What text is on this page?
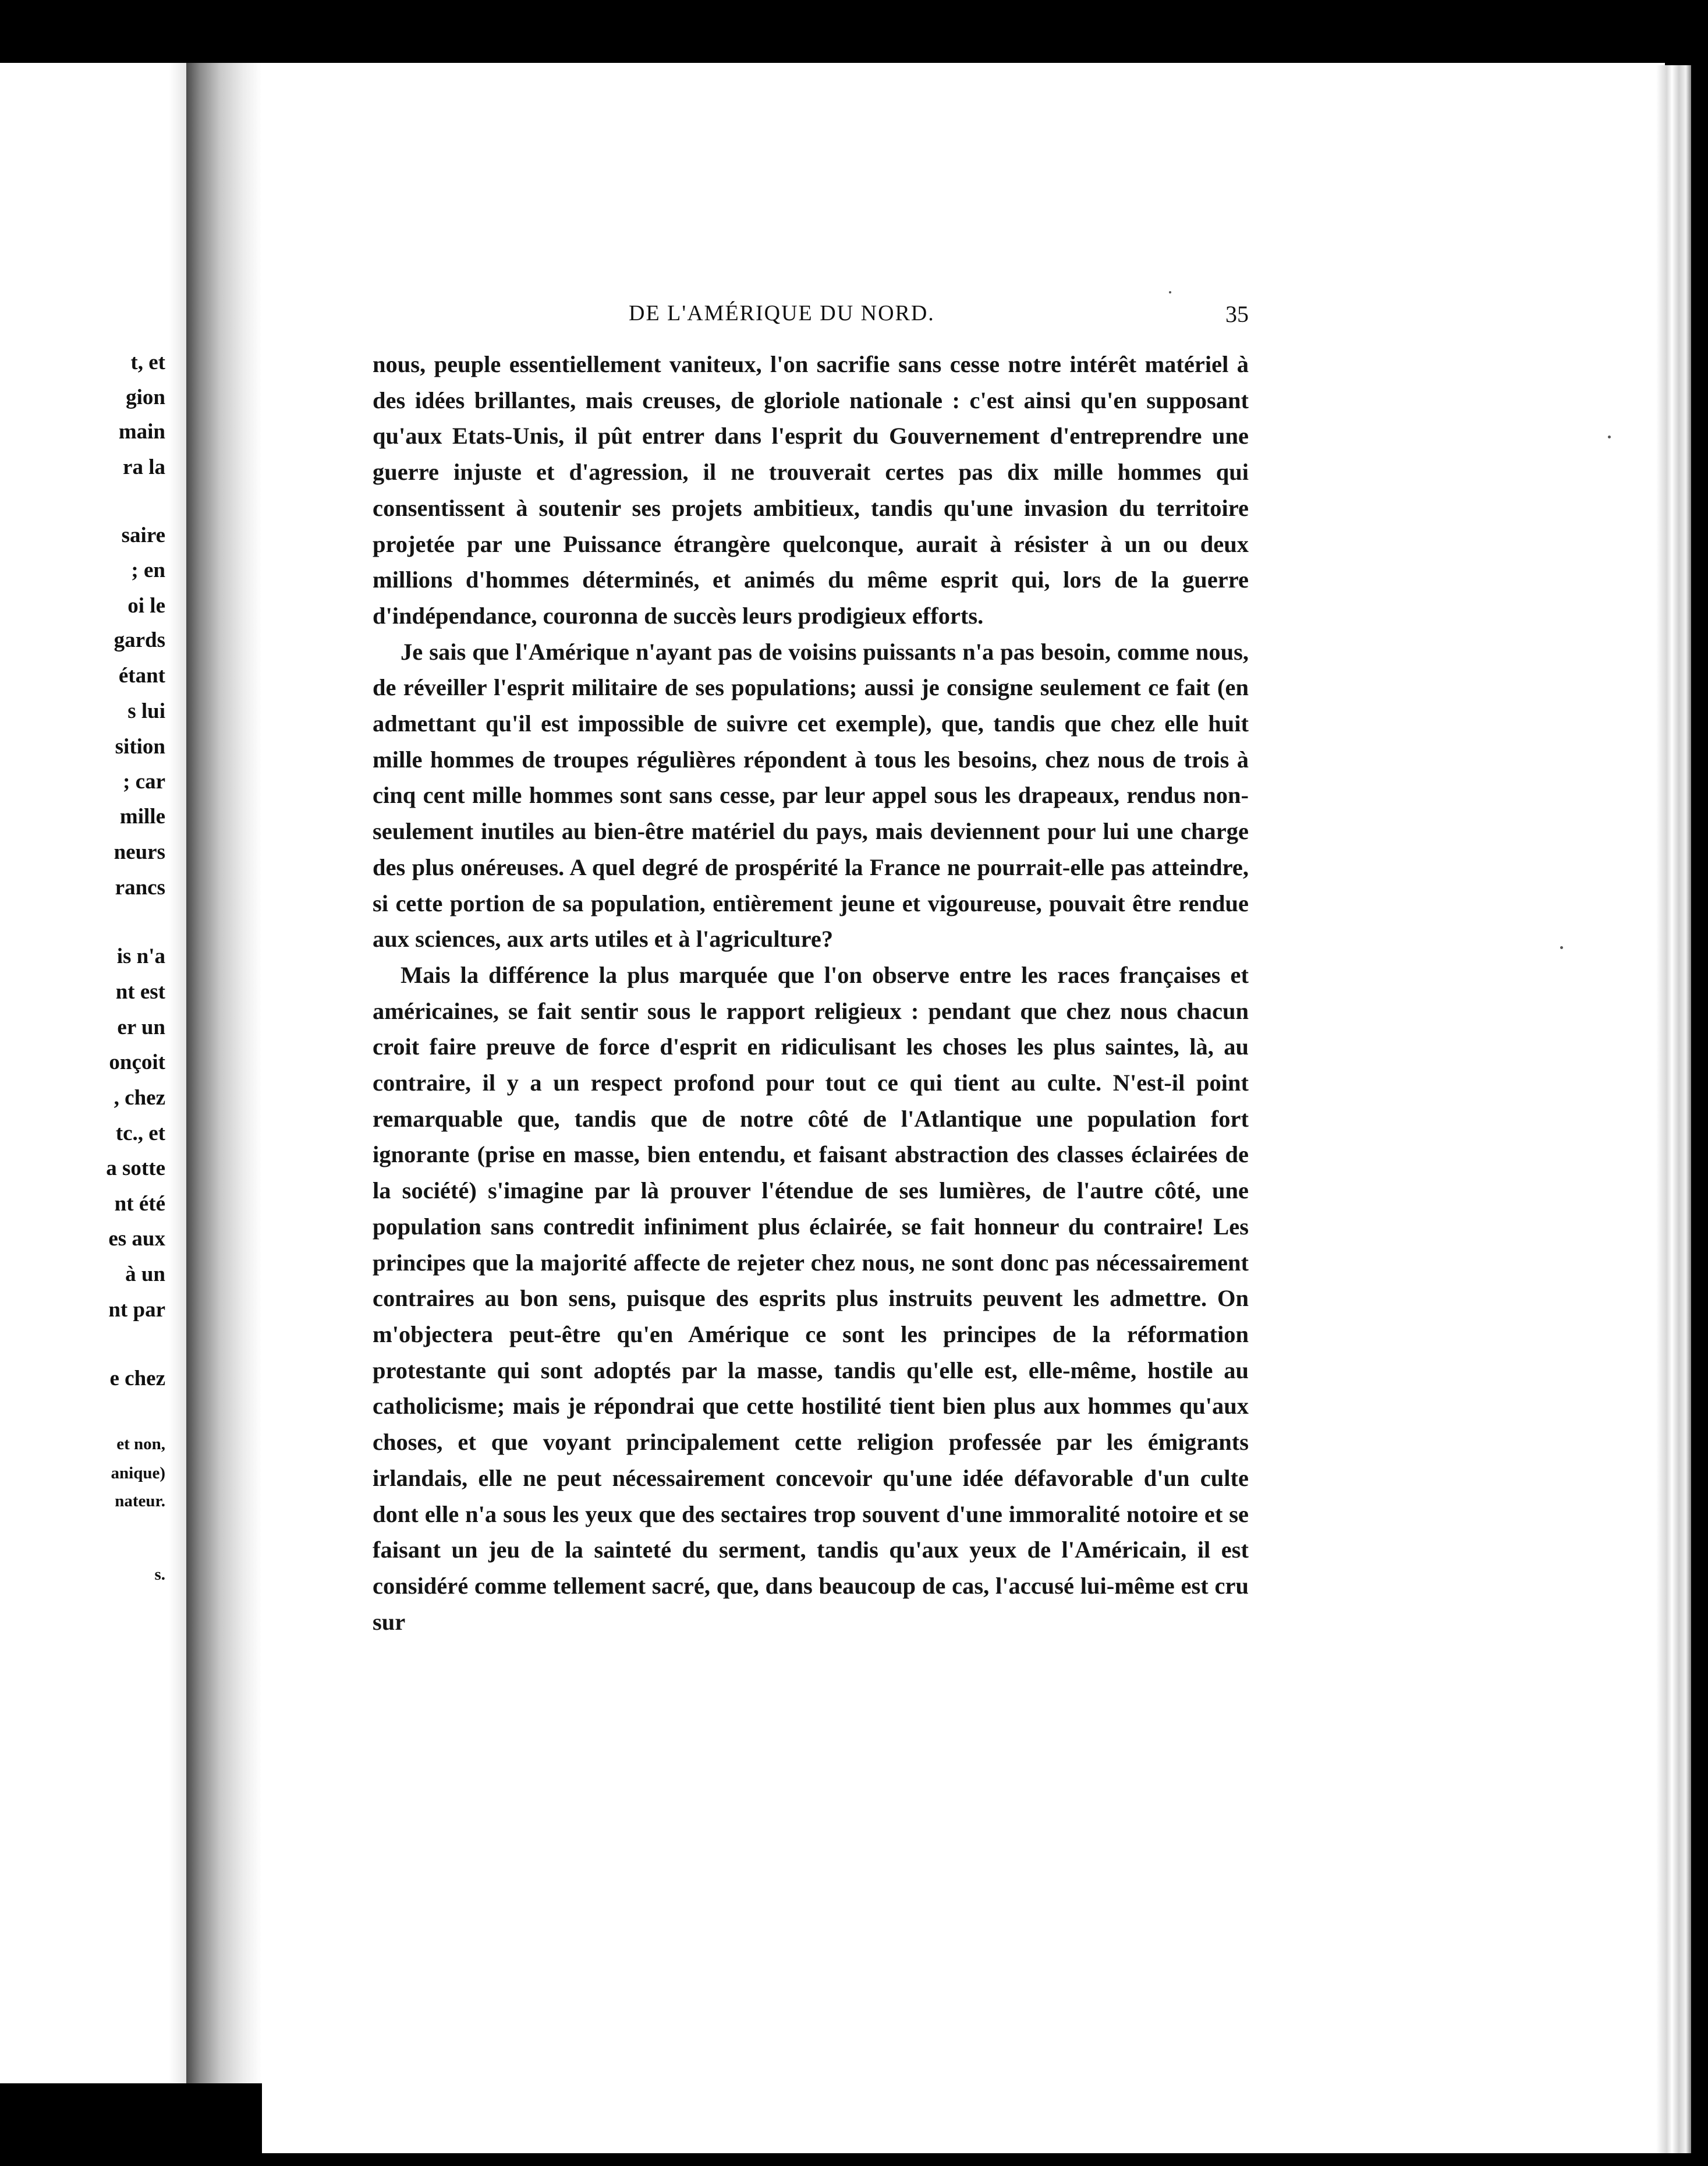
t, et
gion
main
ra la
saire
; en
oi le
gards
étant
s lui
sition
; car
mille
neurs
rancs
is n'a
nt est
er un
onçoit
, chez
tc., et
a sotte
nt été
es aux
à un
nt par
e chez
et non,
anique)
nateur.
s.
DE L'AMÉRIQUE DU NORD.	35

nous, peuple essentiellement vaniteux, l'on sacrifie sans cesse notre intérêt matériel à des idées brillantes, mais creuses, de gloriole nationale : c'est ainsi qu'en supposant qu'aux Etats-Unis, il pût entrer dans l'esprit du Gouvernement d'entreprendre une guerre injuste et d'agression, il ne trouverait certes pas dix mille hommes qui consentissent à soutenir ses projets ambitieux, tandis qu'une invasion du territoire projetée par une Puissance étrangère quelconque, aurait à résister à un ou deux millions d'hommes déterminés, et animés du même esprit qui, lors de la guerre d'indépendance, couronna de succès leurs prodigieux efforts.

Je sais que l'Amérique n'ayant pas de voisins puissants n'a pas besoin, comme nous, de réveiller l'esprit militaire de ses populations; aussi je consigne seulement ce fait (en admettant qu'il est impossible de suivre cet exemple), que, tandis que chez elle huit mille hommes de troupes régulières répondent à tous les besoins, chez nous de trois à cinq cent mille hommes sont sans cesse, par leur appel sous les drapeaux, rendus non-seulement inutiles au bien-être matériel du pays, mais deviennent pour lui une charge des plus onéreuses. A quel degré de prospérité la France ne pourrait-elle pas atteindre, si cette portion de sa population, entièrement jeune et vigoureuse, pouvait être rendue aux sciences, aux arts utiles et à l'agriculture?

Mais la différence la plus marquée que l'on observe entre les races françaises et américaines, se fait sentir sous le rapport religieux : pendant que chez nous chacun croit faire preuve de force d'esprit en ridiculisant les choses les plus saintes, là, au contraire, il y a un respect profond pour tout ce qui tient au culte. N'est-il point remarquable que, tandis que de notre côté de l'Atlantique une population fort ignorante (prise en masse, bien entendu, et faisant abstraction des classes éclairées de la société) s'imagine par là prouver l'étendue de ses lumières, de l'autre côté, une population sans contredit infiniment plus éclairée, se fait honneur du contraire! Les principes que la majorité affecte de rejeter chez nous, ne sont donc pas nécessairement contraires au bon sens, puisque des esprits plus instruits peuvent les admettre. On m'objectera peut-être qu'en Amérique ce sont les principes de la réformation protestante qui sont adoptés par la masse, tandis qu'elle est, elle-même, hostile au catholicisme; mais je répondrai que cette hostilité tient bien plus aux hommes qu'aux choses, et que voyant principalement cette religion professée par les émigrants irlandais, elle ne peut nécessairement concevoir qu'une idée défavorable d'un culte dont elle n'a sous les yeux que des sectaires trop souvent d'une immoralité notoire et se faisant un jeu de la sainteté du serment, tandis qu'aux yeux de l'Américain, il est considéré comme tellement sacré, que, dans beaucoup de cas, l'accusé lui-même est cru sur
